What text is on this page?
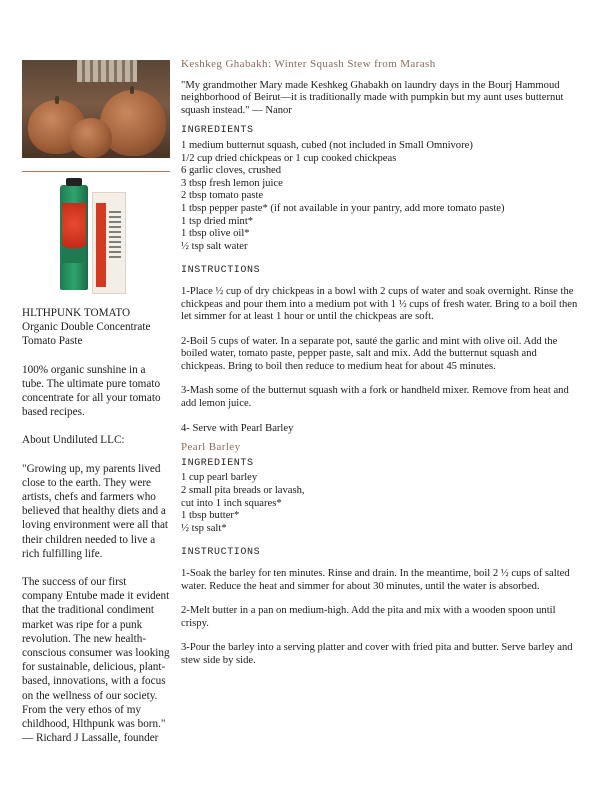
HLTHPUNK TOMATO
Organic Double Concentrate Tomato Paste

100% organic sunshine in a tube. The ultimate pure tomato concentrate for all your tomato based recipes.

About Undiluted LLC:

"Growing up, my parents lived close to the earth. They were artists, chefs and farmers who believed that healthy diets and a loving environment were all that their children needed to live a rich fulfilling life.

The success of our first company Entube made it evident that the traditional condiment market was ripe for a punk revolution. The new health-conscious consumer was looking for sustainable, delicious, plant-based, innovations, with a focus on the wellness of our society. From the very ethos of my childhood, Hlthpunk was born." — Richard J Lassalle, founder

Keshkeg Ghabakh: Winter Squash Stew from Marash
"My grandmother Mary made Keshkeg Ghabakh on laundry days in the Bourj Hammoud neighborhood of Beirut—it is traditionally made with pumpkin but my aunt uses butternut squash instead." — Nanor
INGREDIENTS
1 medium butternut squash, cubed (not included in Small Omnivore)
1/2 cup dried chickpeas or 1 cup cooked chickpeas
6 garlic cloves, crushed
3 tbsp fresh lemon juice
2 tbsp tomato paste
1 tbsp pepper paste* (if not available in your pantry, add more tomato paste)
1 tsp dried mint*
1 tbsp olive oil*
½ tsp salt water
INSTRUCTIONS
1-Place ½ cup of dry chickpeas in a bowl with 2 cups of water and soak overnight. Rinse the chickpeas and pour them into a medium pot with 1 ½ cups of fresh water. Bring to a boil then let simmer for at least 1 hour or until the chickpeas are soft.
2-Boil 5 cups of water. In a separate pot, sauté the garlic and mint with olive oil. Add the boiled water, tomato paste, pepper paste, salt and mix. Add the butternut squash and chickpeas. Bring to boil then reduce to medium heat for about 45 minutes.
3-Mash some of the butternut squash with a fork or handheld mixer. Remove from heat and add lemon juice.
4- Serve with Pearl Barley
Pearl Barley
INGREDIENTS
1 cup pearl barley
2 small pita breads or lavash,
cut into 1 inch squares*
1 tbsp butter*
½ tsp salt*
INSTRUCTIONS
1-Soak the barley for ten minutes. Rinse and drain. In the meantime, boil 2 ½ cups of salted water. Reduce the heat and simmer for about 30 minutes, until the water is absorbed.
2-Melt butter in a pan on medium-high. Add the pita and mix with a wooden spoon until crispy.
3-Pour the barley into a serving platter and cover with fried pita and butter. Serve barley and stew side by side.
